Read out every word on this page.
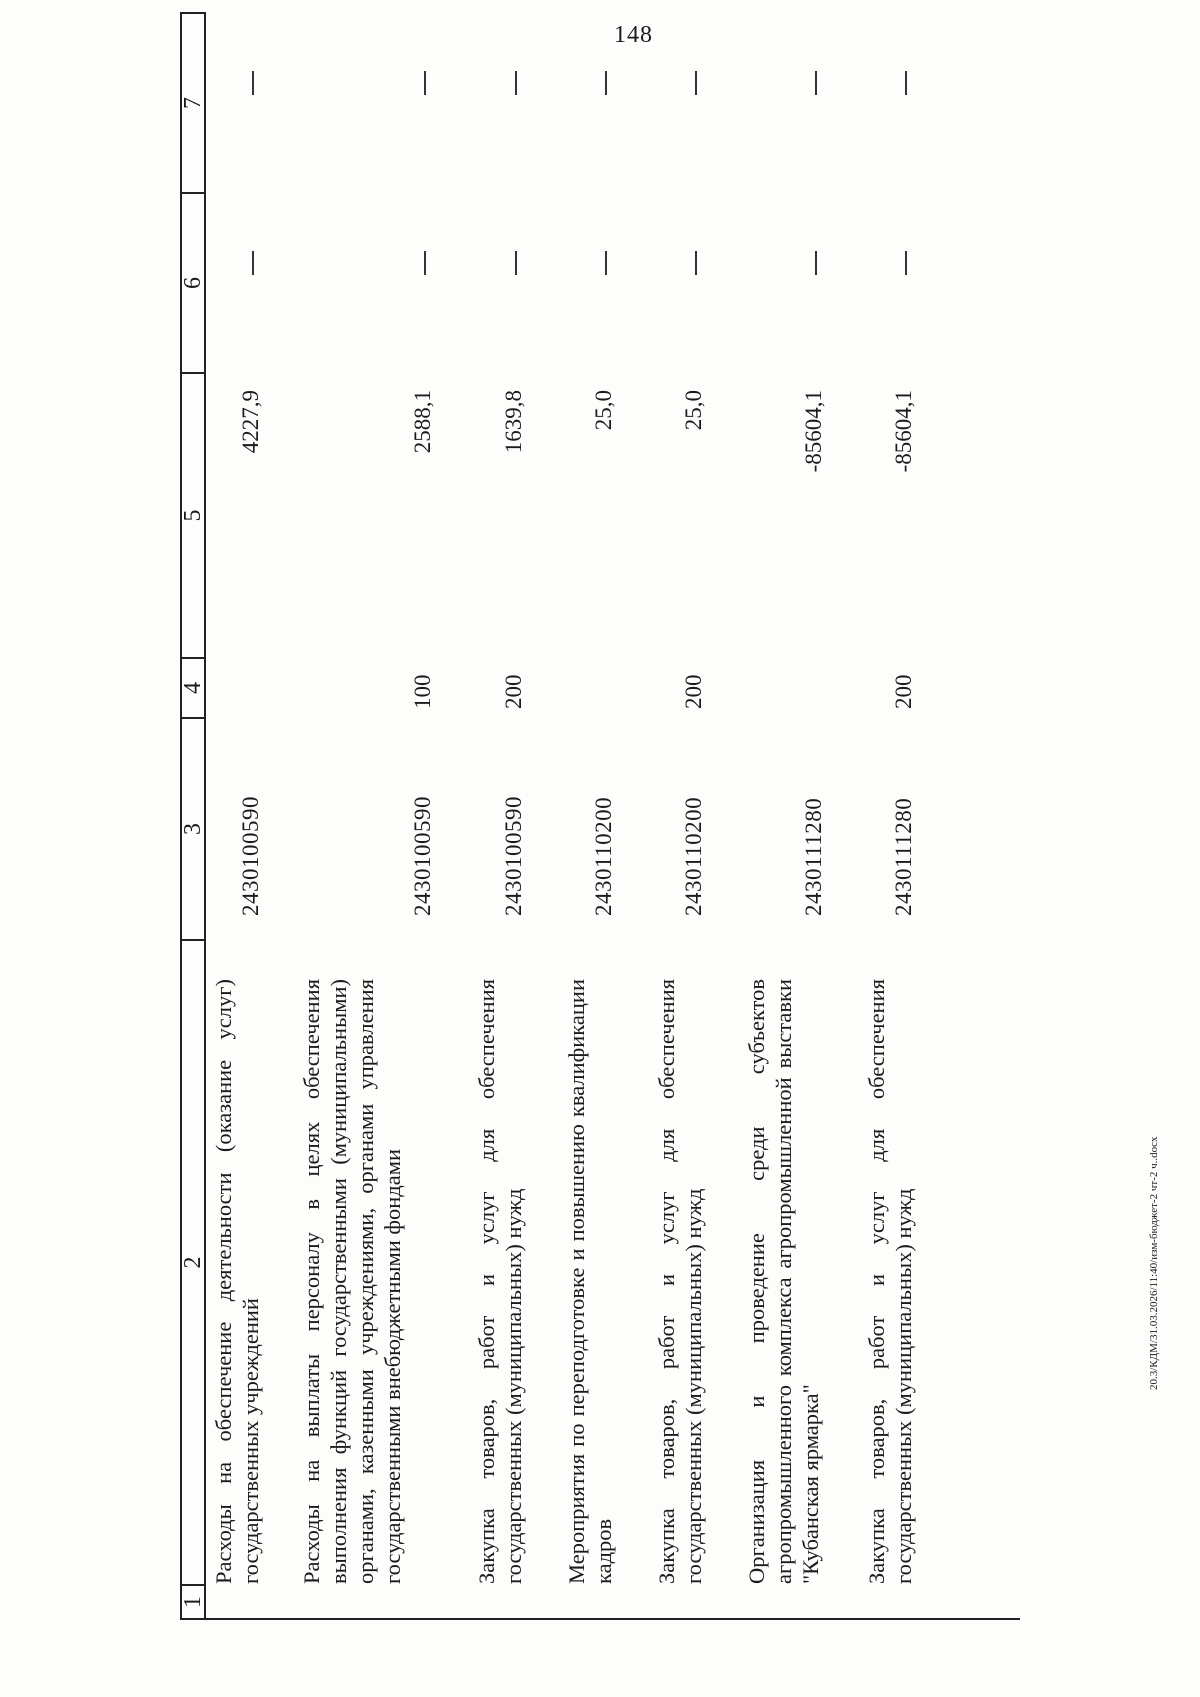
148
20.3/КДМ/31.03.2026/11:40/изм-бюджет-2 чт-2 ч..docx
1
2
3
4
5
6
7
Расходы на обеспечение деятельности (оказание услуг) государственных учреждений
2430100590
4227,9
Расходы на выплаты персоналу в целях обеспечения выполнения функций государственными (муниципальными) органами, казенными учреждениями, органами управления государственными внебюджетными фондами
2430100590
100
2588,1
Закупка товаров, работ и услуг для обеспечения государственных (муниципальных) нужд
2430100590
200
1639,8
Мероприятия по переподготовке и повышению квалификации кадров
2430110200
25,0
Закупка товаров, работ и услуг для обеспечения государственных (муниципальных) нужд
2430110200
200
25,0
Организация и проведение среди субъектов агропромышленного комплекса агропромышленной выставки "Кубанская ярмарка"
2430111280
-85604,1
Закупка товаров, работ и услуг для обеспечения государственных (муниципальных) нужд
2430111280
200
-85604,1
